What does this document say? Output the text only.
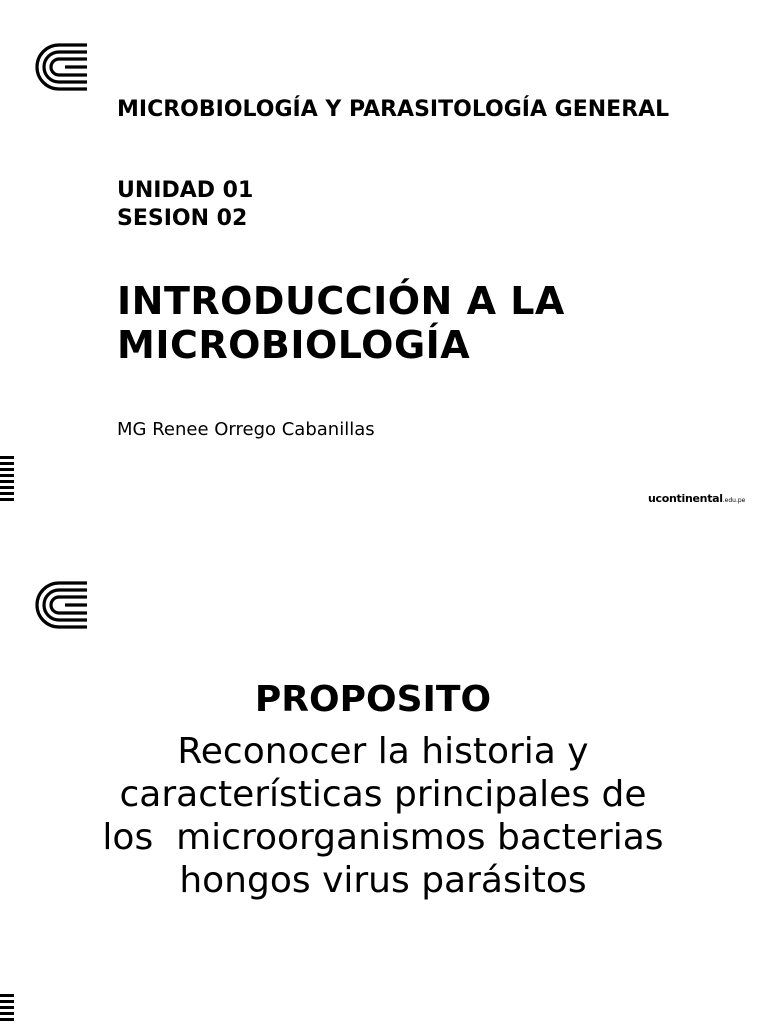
MICROBIOLOGÍA Y PARASITOLOGÍA GENERAL

UNIDAD 01

SESION 02

INTRODUCCIÓN A LA MICROBIOLOGÍA

MG Renee Orrego Cabanillas

ucontinental.edu.pe
PROPOSITO

Reconocer la historia y
características principales de
los  microorganismos bacterias
hongos virus parásitos
